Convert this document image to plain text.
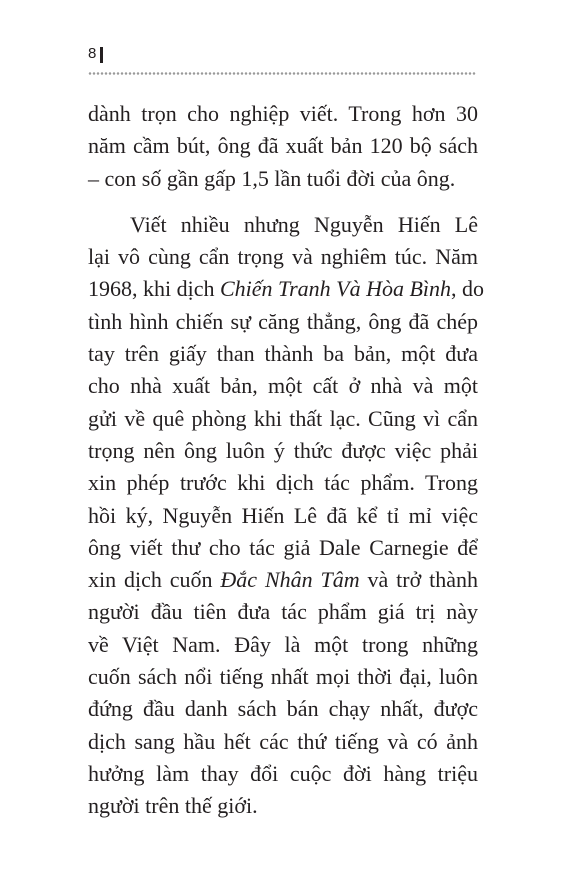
8

dành trọn cho nghiệp viết. Trong hơn 30
năm cầm bút, ông đã xuất bản 120 bộ sách
– con số gần gấp 1,5 lần tuổi đời của ông.

Viết nhiều nhưng Nguyễn Hiến Lê
lại vô cùng cẩn trọng và nghiêm túc. Năm
1968, khi dịch Chiến Tranh Và Hòa Bình, do
tình hình chiến sự căng thẳng, ông đã chép
tay trên giấy than thành ba bản, một đưa
cho nhà xuất bản, một cất ở nhà và một
gửi về quê phòng khi thất lạc. Cũng vì cẩn
trọng nên ông luôn ý thức được việc phải
xin phép trước khi dịch tác phẩm. Trong
hồi ký, Nguyễn Hiến Lê đã kể tỉ mỉ việc
ông viết thư cho tác giả Dale Carnegie để
xin dịch cuốn Đắc Nhân Tâm và trở thành
người đầu tiên đưa tác phẩm giá trị này
về Việt Nam. Đây là một trong những
cuốn sách nổi tiếng nhất mọi thời đại, luôn
đứng đầu danh sách bán chạy nhất, được
dịch sang hầu hết các thứ tiếng và có ảnh
hưởng làm thay đổi cuộc đời hàng triệu
người trên thế giới.
